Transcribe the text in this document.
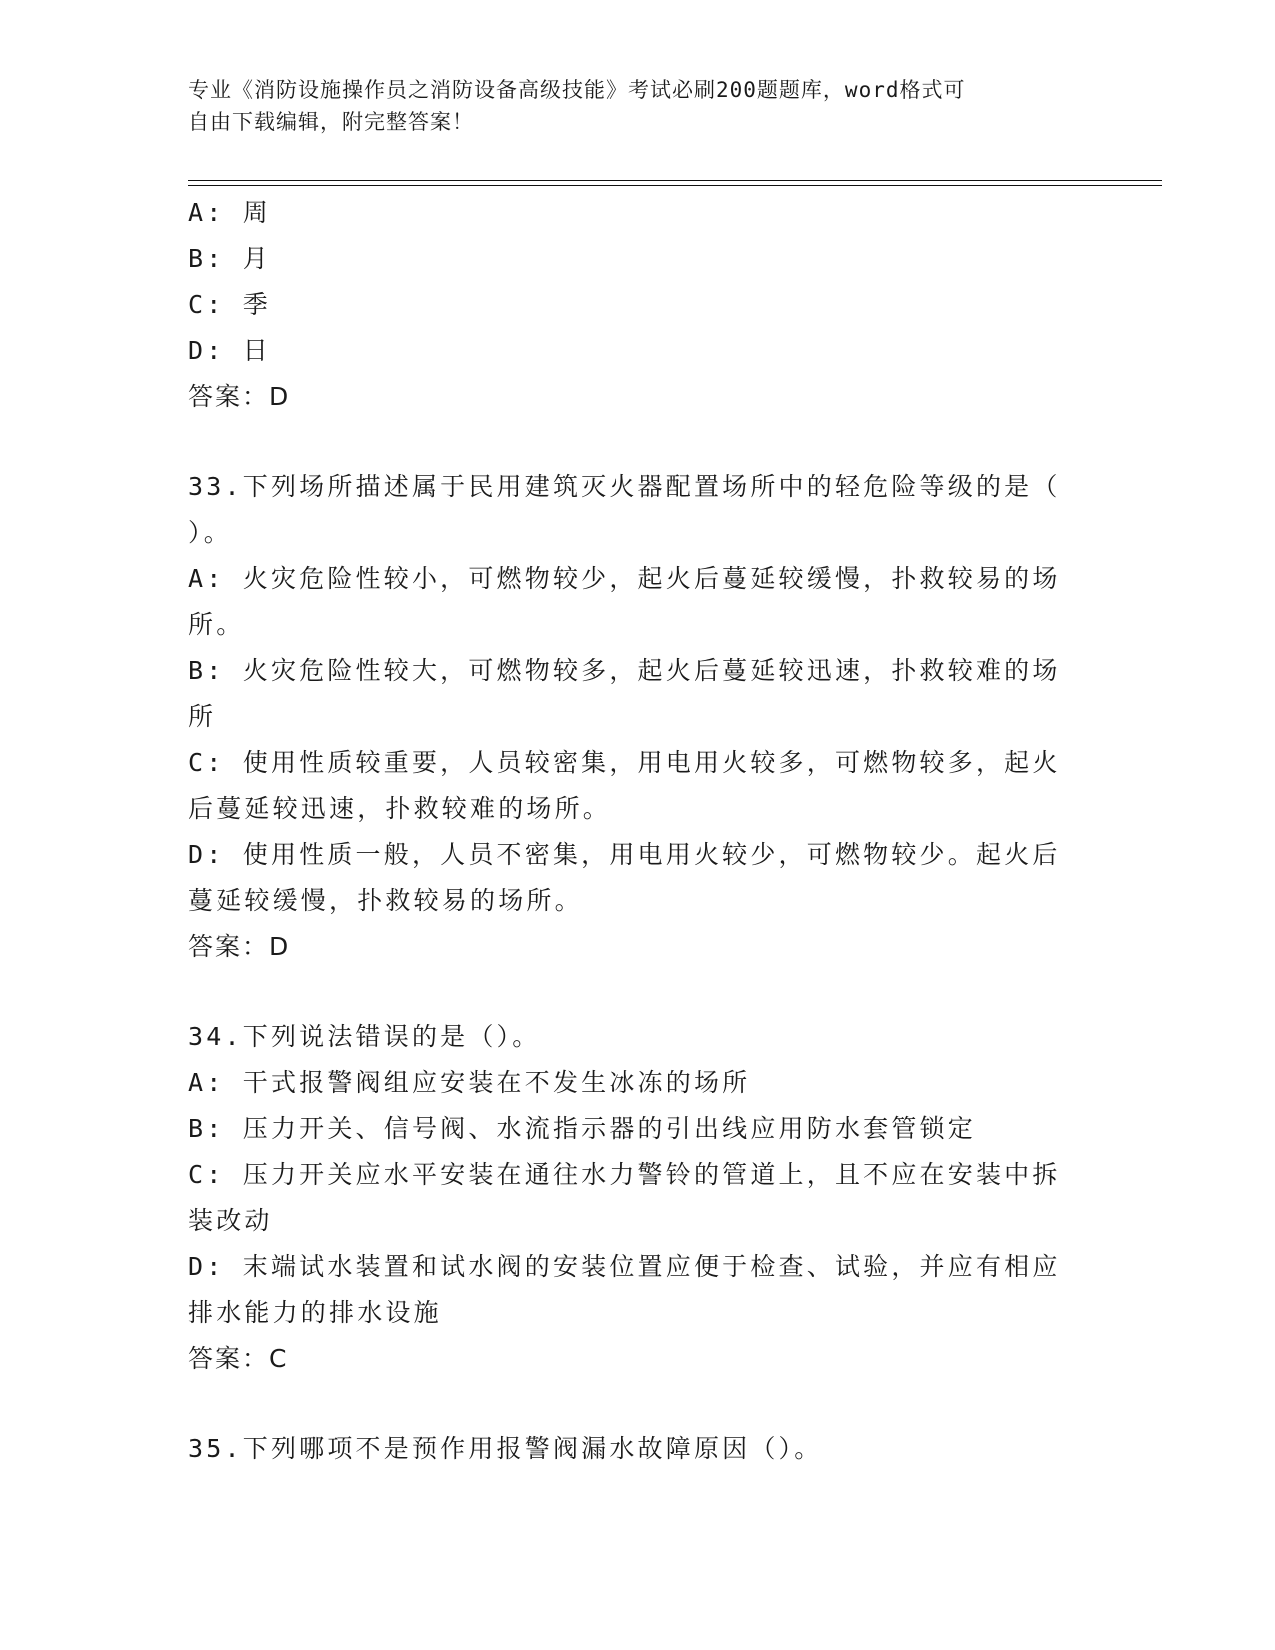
专业《消防设施操作员之消防设备高级技能》考试必刷200题题库，word格式可
自由下载编辑，附完整答案！
A: 周
B: 月
C: 季
D: 日
答案：D
33.下列场所描述属于民用建筑灭火器配置场所中的轻危险等级的是（
）。
A: 火灾危险性较小，可燃物较少，起火后蔓延较缓慢，扑救较易的场
所。
B: 火灾危险性较大，可燃物较多，起火后蔓延较迅速，扑救较难的场
所
C: 使用性质较重要，人员较密集，用电用火较多，可燃物较多，起火
后蔓延较迅速，扑救较难的场所。
D: 使用性质一般，人员不密集，用电用火较少，可燃物较少。起火后
蔓延较缓慢，扑救较易的场所。
答案：D
34.下列说法错误的是（）。
A: 干式报警阀组应安装在不发生冰冻的场所
B: 压力开关、信号阀、水流指示器的引出线应用防水套管锁定
C: 压力开关应水平安装在通往水力警铃的管道上，且不应在安装中拆
装改动
D: 末端试水装置和试水阀的安装位置应便于检查、试验，并应有相应
排水能力的排水设施
答案：C
35.下列哪项不是预作用报警阀漏水故障原因（）。
